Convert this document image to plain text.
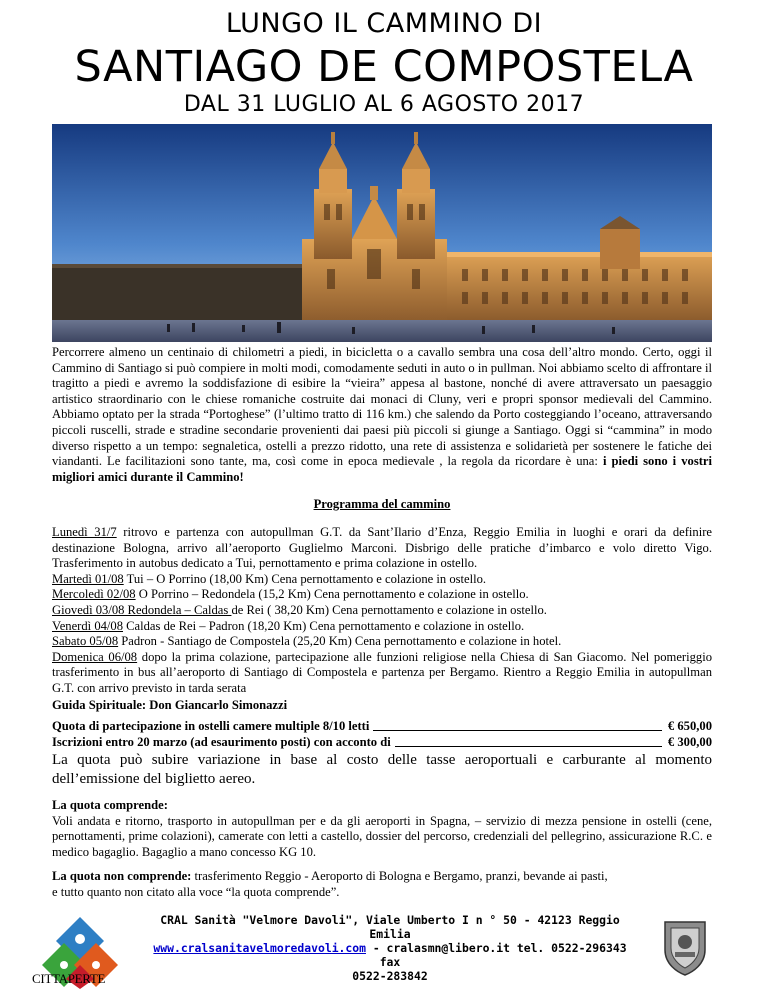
LUNGO IL CAMMINO DI
SANTIAGO DE COMPOSTELA
DAL 31 LUGLIO AL 6 AGOSTO 2017
Percorrere almeno un centinaio di chilometri a piedi, in bicicletta o a cavallo sembra una cosa dell’altro mondo. Certo, oggi il Cammino di Santiago si può compiere in molti modi, comodamente seduti in auto o in pullman. Noi abbiamo scelto di affrontare il tragitto a piedi e avremo la soddisfazione di esibire la “vieira” appesa al bastone, nonché di avere attraversato un paesaggio artistico straordinario con le chiese romaniche costruite dai monaci di Cluny, veri e propri sponsor medievali del Cammino. Abbiamo optato per la strada “Portoghese” (l’ultimo tratto di 116 km.) che salendo da Porto costeggiando l’oceano, attraversando piccoli ruscelli, strade e stradine secondarie provenienti dai paesi più piccoli si giunge a Santiago. Oggi si “cammina” in modo diverso rispetto a un tempo: segnaletica, ostelli a prezzo ridotto, una rete di assistenza e solidarietà per sostenere le fatiche dei viandanti. Le facilitazioni sono tante, ma, così come in epoca medievale , la regola da ricordare è una: i piedi sono i vostri migliori amici durante il Cammino!
Programma del cammino

Lunedì 31/7 ritrovo e partenza con autopullman G.T. da Sant’Ilario d’Enza, Reggio Emilia in luoghi e orari da definire destinazione Bologna, arrivo all’aeroporto Guglielmo Marconi. Disbrigo delle pratiche d’imbarco e volo diretto Vigo. Trasferimento in autobus dedicato a Tui, pernottamento e prima colazione in ostello.

Martedì 01/08 Tui – O Porrino (18,00 Km) Cena pernottamento e colazione in ostello.

Mercoledì 02/08 O Porrino – Redondela (15,2 Km) Cena pernottamento e colazione in ostello.

Giovedì 03/08 Redondela – Caldas de Rei ( 38,20 Km) Cena pernottamento e colazione in ostello.

Venerdì 04/08 Caldas de Rei – Padron (18,20 Km) Cena pernottamento e colazione in ostello.

Sabato 05/08 Padron - Santiago de Compostela (25,20 Km) Cena pernottamento e colazione in hotel.

Domenica 06/08 dopo la prima colazione, partecipazione alle funzioni religiose nella Chiesa di San Giacomo. Nel pomeriggio trasferimento in bus all’aeroporto di Santiago di Compostela e partenza per Bergamo. Rientro a Reggio Emilia in autopullman G.T. con arrivo previsto in tarda serata

Guida Spirituale: Don Giancarlo Simonazzi
Quota di partecipazione in ostelli camere multiple 8/10 letti	€ 650,00
Iscrizioni entro 20 marzo (ad esaurimento posti) con acconto di	€ 300,00
La quota può subire variazione in base al costo delle tasse aeroportuali e carburante al momento dell’emissione del biglietto aereo.
La quota comprende:
Voli andata e ritorno, trasporto in autopullman per e da gli aeroporti in Spagna, – servizio di mezza pensione in ostelli (cene, pernottamenti, prime colazioni), camerate con letti a castello, dossier del percorso, credenziali del pellegrino, assicurazione R.C. e medico bagaglio. Bagaglio a mano concesso KG 10.
La quota non comprende: trasferimento Reggio - Aeroporto di Bologna e Bergamo, pranzi, bevande ai pasti,
e tutto quanto non citato alla voce “la quota comprende”.
CITTAPERTE
CRAL Sanità "Velmore Davoli", Viale Umberto I n ° 50 - 42123 Reggio Emilia
www.cralsanitavelmoredavoli.com - cralasmn@libero.it tel. 0522-296343 fax
0522-283842
